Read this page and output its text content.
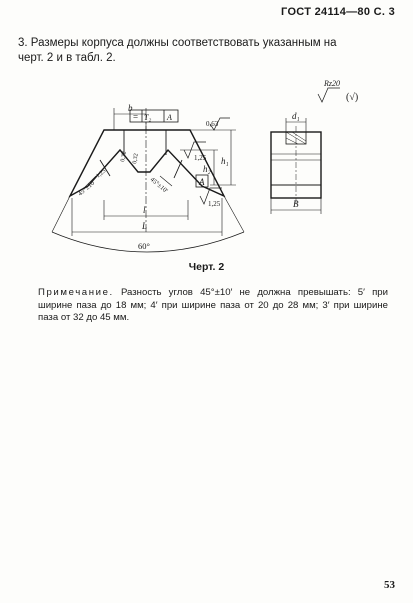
ГОСТ 24114—80 С. 3
3. Размеры корпуса должны соответствовать указанным на
черт. 2 и в табл. 2.
b
= T₂ A
0,63
h₂
h₁
A
1,25
1,25
0,32 0,32
1,25
45°±10′	45°±10′
l
L
60°
d₁
B
Rz20
(√)
Черт. 2
Примечание. Разность углов 45°±10′ не должна превышать: 5′ при ширине паза до 18 мм; 4′ при ширине паза от 20 до 28 мм; 3′ при ширине паза от 32 до 45 мм.
53
